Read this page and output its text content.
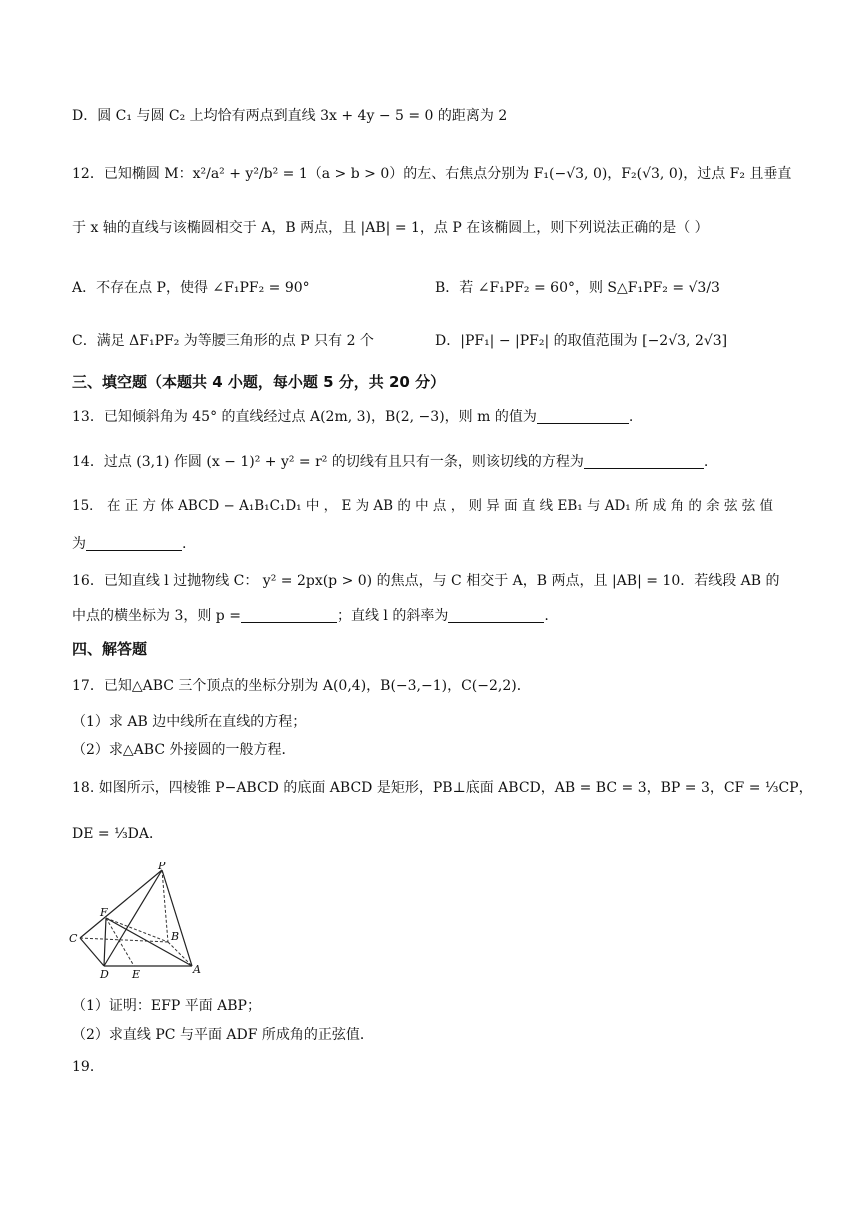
D．圆 C₁ 与圆 C₂ 上均恰有两点到直线 3x + 4y − 5 = 0 的距离为 2
12．已知椭圆 M：x²/a² + y²/b² = 1（a > b > 0）的左、右焦点分别为 F₁(−√3, 0)，F₂(√3, 0)，过点 F₂ 且垂直
于 x 轴的直线与该椭圆相交于 A，B 两点，且 |AB| = 1，点 P 在该椭圆上，则下列说法正确的是（ ）
A．不存在点 P，使得 ∠F₁PF₂ = 90°	B．若 ∠F₁PF₂ = 60°，则 S△F₁PF₂ = √3/3
C．满足 ΔF₁PF₂ 为等腰三角形的点 P 只有 2 个	D．|PF₁| − |PF₂| 的取值范围为 [−2√3, 2√3]
三、填空题（本题共 4 小题，每小题 5 分，共 20 分）
13．已知倾斜角为 45° 的直线经过点 A(2m, 3)，B(2, −3)，则 m 的值为	.
14．过点 (3,1) 作圆 (x − 1)² + y² = r² 的切线有且只有一条，则该切线的方程为	.
15． 在 正 方 体 ABCD − A₁B₁C₁D₁ 中 ， E 为 AB 的 中 点 ， 则 异 面 直 线 EB₁ 与 AD₁ 所 成 角 的 余 弦 弦 值
为	.
16．已知直线 l 过抛物线 C： y² = 2px(p > 0) 的焦点，与 C 相交于 A，B 两点，且 |AB| = 10．若线段 AB 的
中点的横坐标为 3，则 p =	；直线 l 的斜率为	.
四、解答题
17．已知△ABC 三个顶点的坐标分别为 A(0,4)，B(−3,−1)，C(−2,2)．
（1）求 AB 边中线所在直线的方程；
（2）求△ABC 外接圆的一般方程．
18. 如图所示，四棱锥 P−ABCD 的底面 ABCD 是矩形，PB⊥底面 ABCD，AB = BC = 3，BP = 3，CF = ⅓CP，
DE = ⅓DA．
P
F
C	B
D E	A
（1）证明：EFP 平面 ABP；
（2）求直线 PC 与平面 ADF 所成角的正弦值．
19．
